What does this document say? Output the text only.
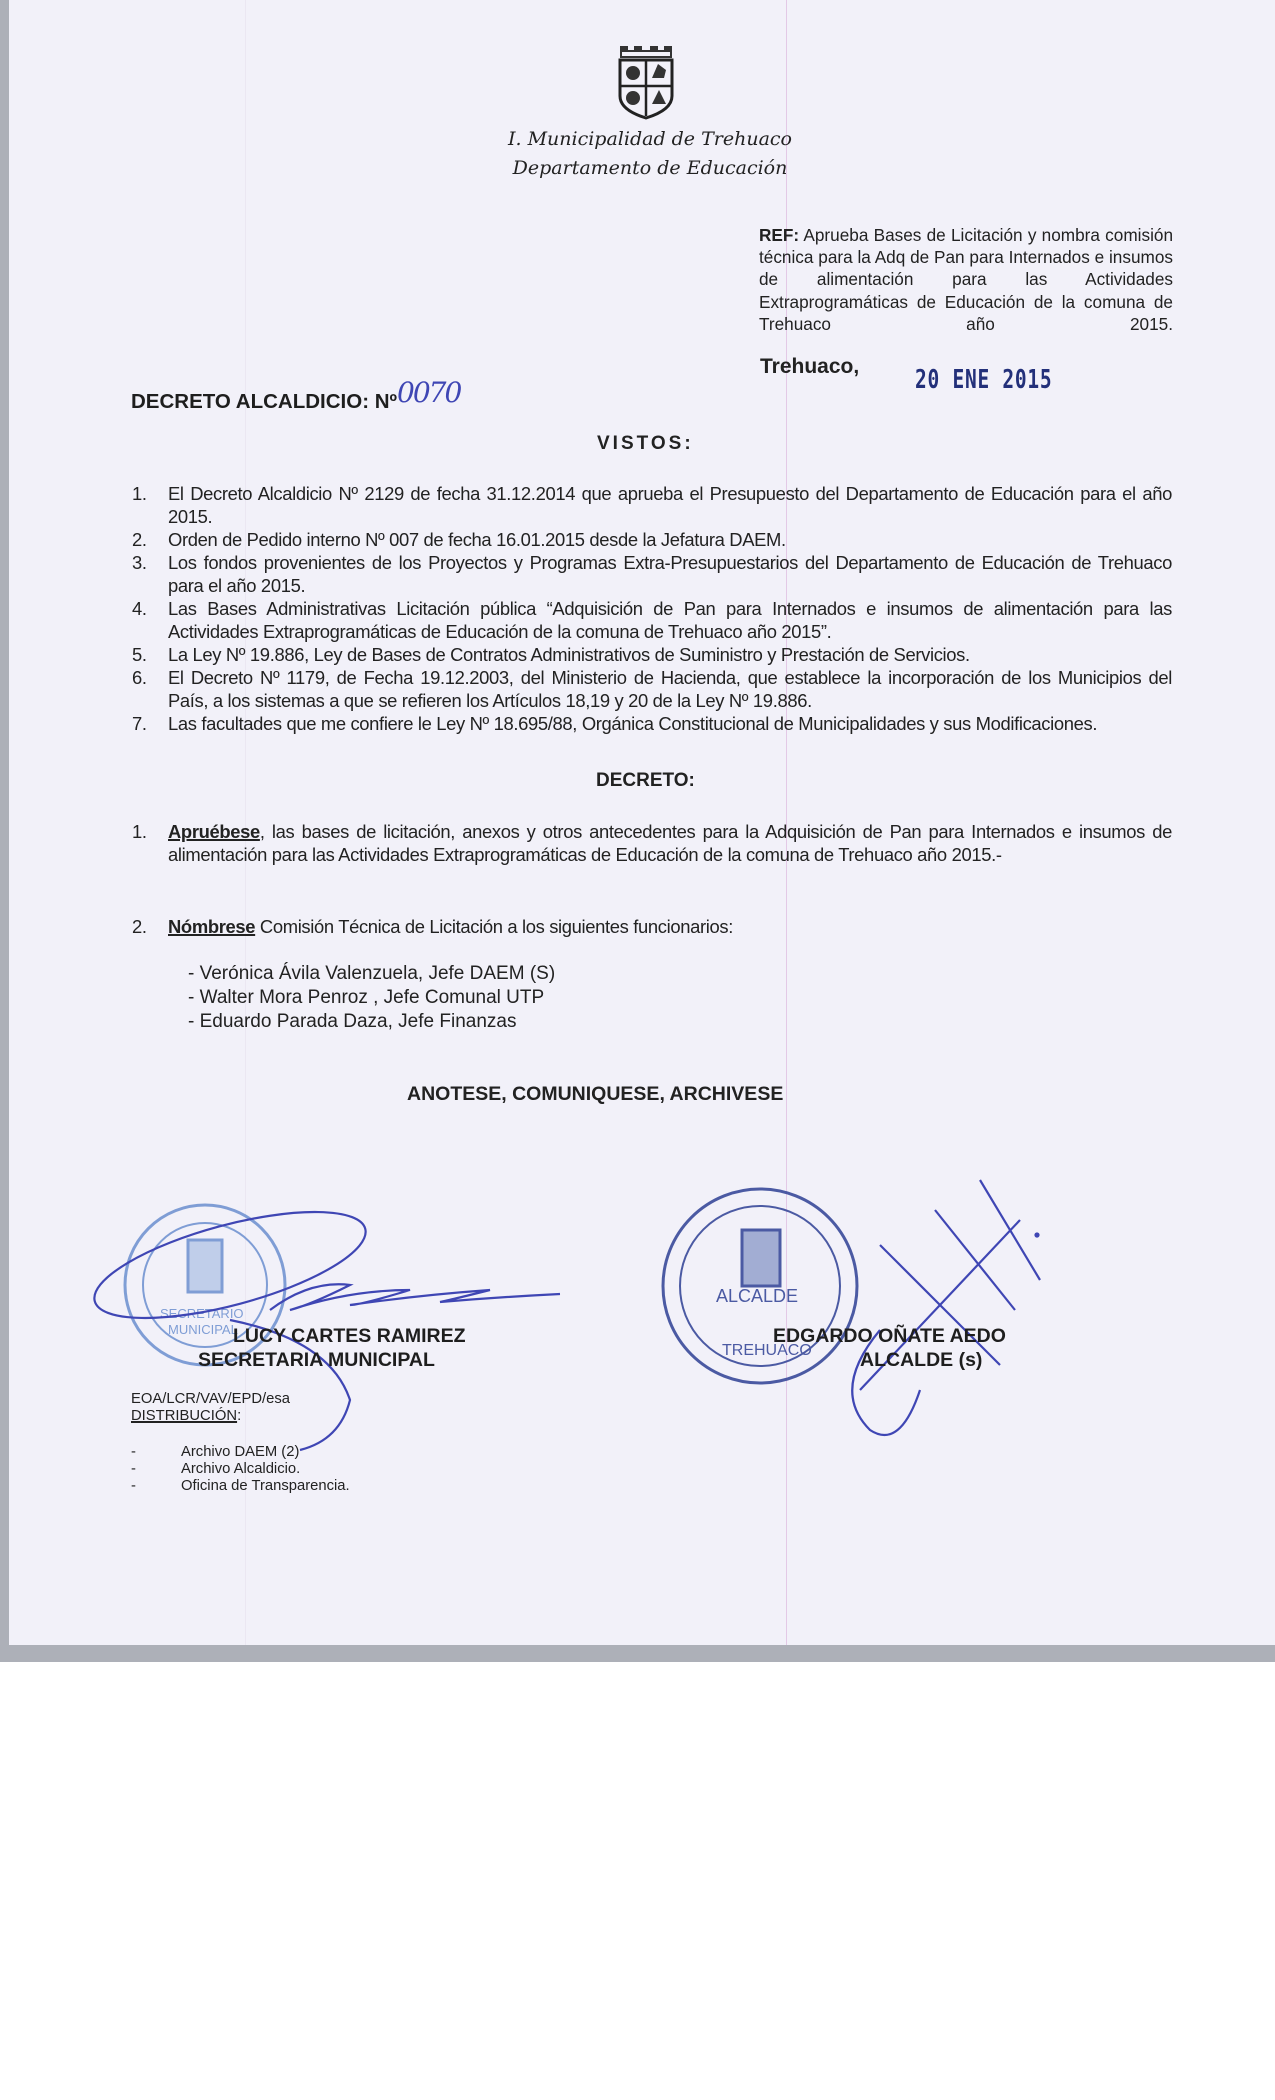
I. Municipalidad de Trehuaco
Departamento de Educación
REF: Aprueba Bases de Licitación y nombra comisión técnica para la Adq de Pan para Internados e insumos de alimentación para las Actividades Extraprogramáticas de Educación de la comuna de Trehuaco año 2015.
Trehuaco, 20 ENE 2015
DECRETO ALCALDICIO: Nº0070
VISTOS:
1.	El Decreto Alcaldicio Nº 2129 de fecha 31.12.2014 que aprueba el Presupuesto del Departamento de Educación para el año 2015.
2.	Orden de Pedido interno Nº 007 de fecha 16.01.2015 desde la Jefatura DAEM.
3.	Los fondos provenientes de los Proyectos y Programas Extra-Presupuestarios del Departamento de Educación de Trehuaco para el año 2015.
4.	Las Bases Administrativas Licitación pública “Adquisición de Pan para Internados e insumos de alimentación para las Actividades Extraprogramáticas de Educación de la comuna de Trehuaco año 2015”.
5.	La Ley Nº 19.886, Ley de Bases de Contratos Administrativos de Suministro y Prestación de Servicios.
6.	El Decreto Nº 1179, de Fecha 19.12.2003, del Ministerio de Hacienda, que establece la incorporación de los Municipios del País, a los sistemas a que se refieren los Artículos 18,19 y 20 de la Ley Nº 19.886.
7.	Las facultades que me confiere le Ley Nº 18.695/88, Orgánica Constitucional de Municipalidades y sus Modificaciones.
DECRETO:
1.	Apruébese, las bases de licitación, anexos y otros antecedentes para la Adquisición de Pan para Internados e insumos de alimentación para las Actividades Extraprogramáticas de Educación de la comuna de Trehuaco año 2015.-
2.	Nómbrese Comisión Técnica de Licitación a los siguientes funcionarios:
- Verónica Ávila Valenzuela, Jefe DAEM (S)
- Walter Mora Penroz , Jefe Comunal UTP
- Eduardo Parada Daza, Jefe Finanzas
ANOTESE, COMUNIQUESE, ARCHIVESE
SECRETARIO
MUNICIPAL
ALCALDE
TREHUACO
LUCY CARTES RAMIREZ
SECRETARIA MUNICIPAL
EDGARDO OÑATE AEDO
ALCALDE (s)
EOA/LCR/VAV/EPD/esa
DISTRIBUCIÓN:
-	Archivo DAEM (2)
-	Archivo Alcaldicio.
-	Oficina de Transparencia.
